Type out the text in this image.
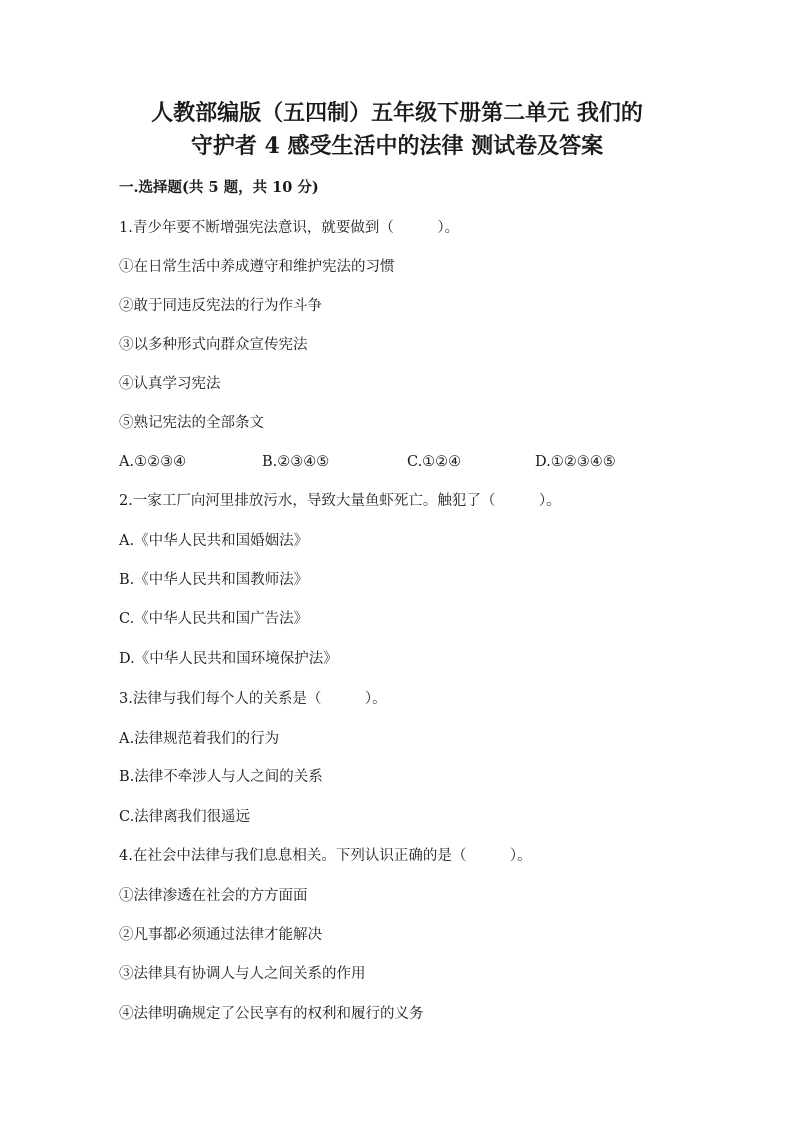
人教部编版（五四制）五年级下册第二单元 我们的
守护者 4 感受生活中的法律 测试卷及答案

一.选择题(共 5 题，共 10 分)

1.青少年要不断增强宪法意识，就要做到（　　　）。

①在日常生活中养成遵守和维护宪法的习惯

②敢于同违反宪法的行为作斗争

③以多种形式向群众宣传宪法

④认真学习宪法

⑤熟记宪法的全部条文

A.①②③④	B.②③④⑤	C.①②④	D.①②③④⑤

2.一家工厂向河里排放污水，导致大量鱼虾死亡。触犯了（　　　）。

A.《中华人民共和国婚姻法》

B.《中华人民共和国教师法》

C.《中华人民共和国广告法》

D.《中华人民共和国环境保护法》

3.法律与我们每个人的关系是（　　　）。

A.法律规范着我们的行为

B.法律不牵涉人与人之间的关系

C.法律离我们很遥远

4.在社会中法律与我们息息相关。下列认识正确的是（　　　）。

①法律渗透在社会的方方面面

②凡事都必须通过法律才能解决

③法律具有协调人与人之间关系的作用

④法律明确规定了公民享有的权利和履行的义务
